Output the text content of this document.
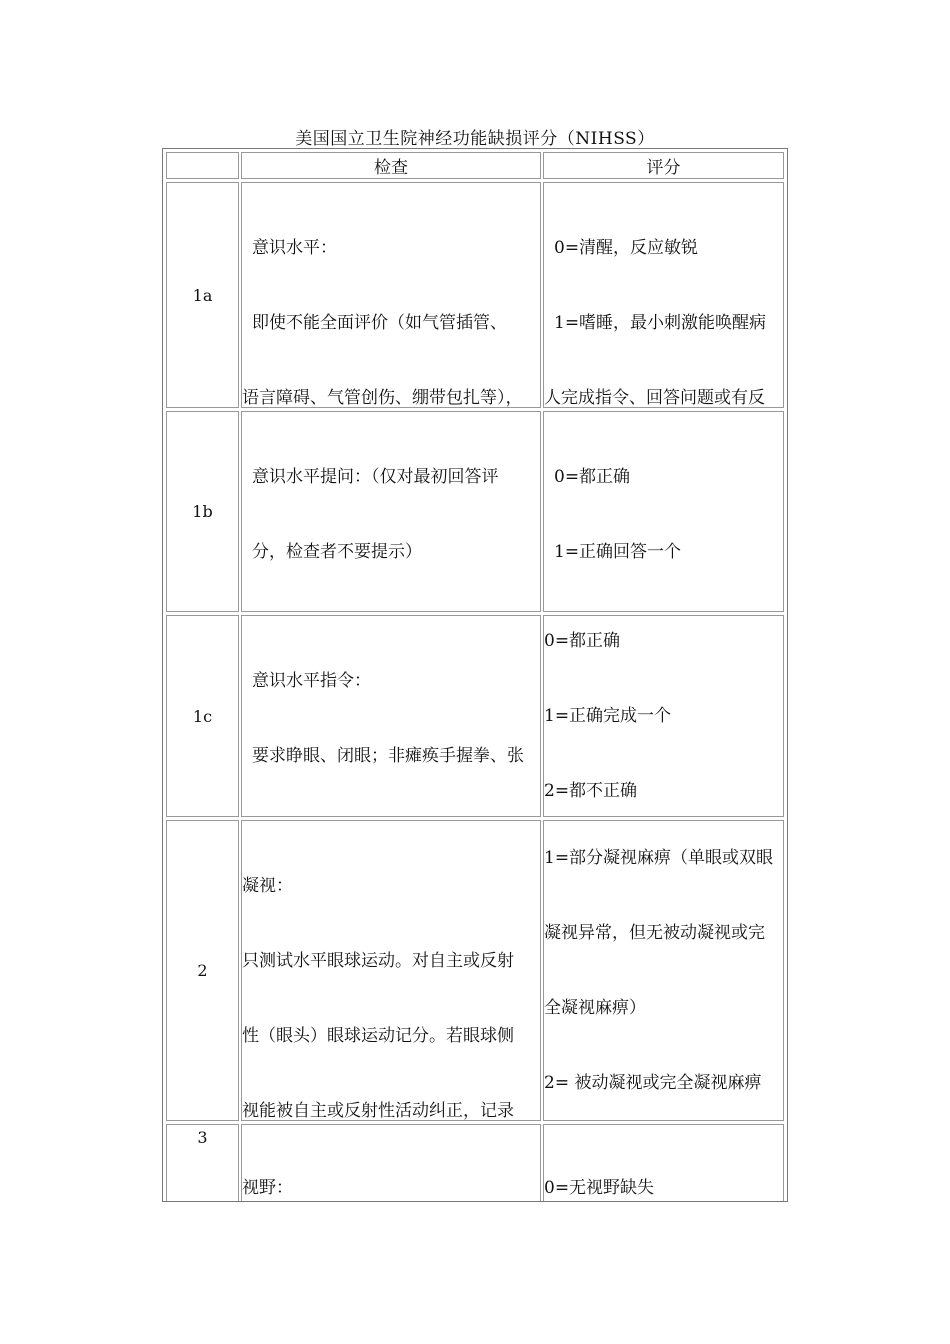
美国国立卫生院神经功能缺损评分（NIHSS）
检查	评分
1a

意识水平：

即使不能全面评价（如气管插管、

语言障碍、气管创伤、绷带包扎等），

0=清醒，反应敏锐

1=嗜睡，最小刺激能唤醒病

人完成指令、回答问题或有反

1b

意识水平提问：（仅对最初回答评

分，检查者不要提示）

0=都正确

1=正确回答一个

1c

意识水平指令：

要求睁眼、闭眼；非瘫痪手握拳、张

0=都正确

1=正确完成一个

2=都不正确

2

凝视：

只测试水平眼球运动。对自主或反射

性（眼头）眼球运动记分。若眼球侧

视能被自主或反射性活动纠正，记录

1=部分凝视麻痹（单眼或双眼

凝视异常，但无被动凝视或完

全凝视麻痹）

2= 被动凝视或完全凝视麻痹

3

视野：

	0=无视野缺失
